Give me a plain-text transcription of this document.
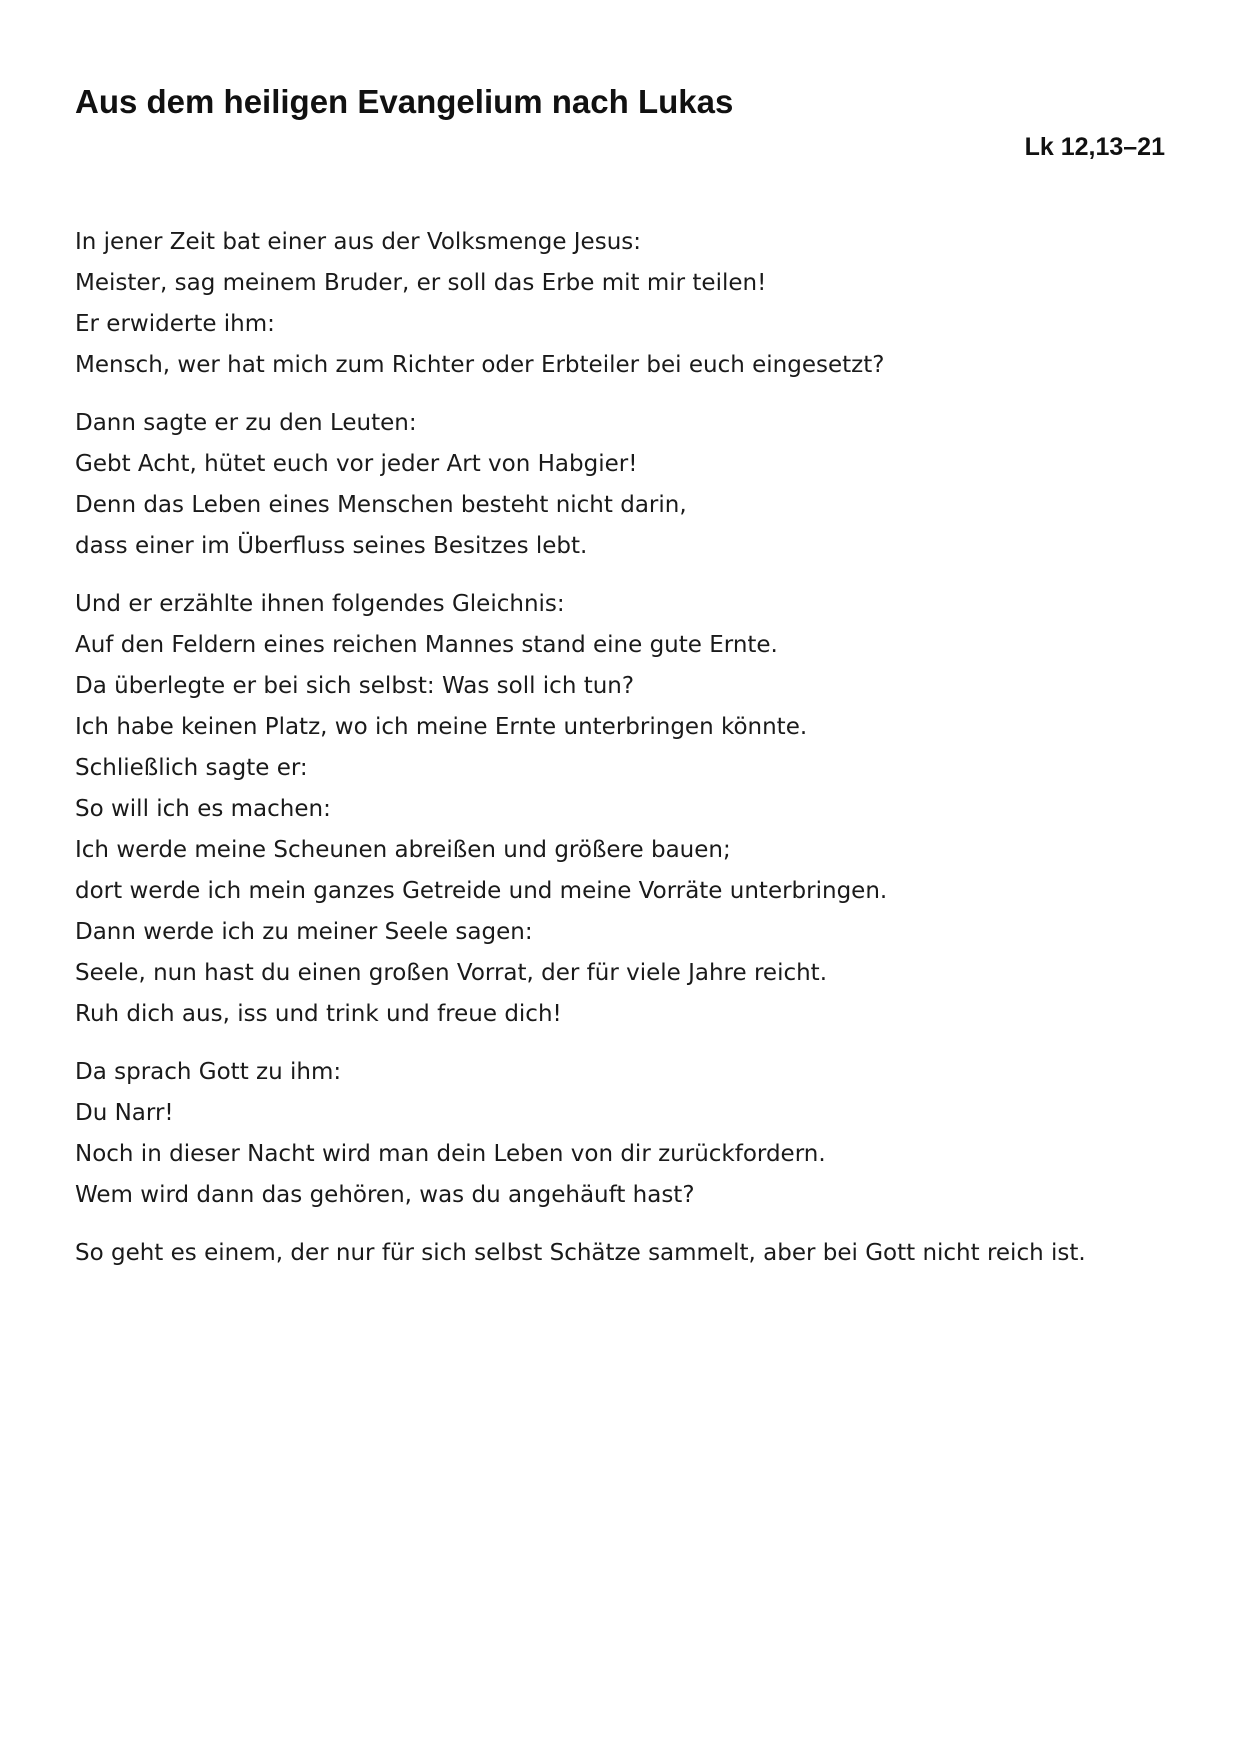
Aus dem heiligen Evangelium nach Lukas
Lk 12,13–21

In jener Zeit bat einer aus der Volksmenge Jesus:
Meister, sag meinem Bruder, er soll das Erbe mit mir teilen!
Er erwiderte ihm:
Mensch, wer hat mich zum Richter oder Erbteiler bei euch eingesetzt?

Dann sagte er zu den Leuten:
Gebt Acht, hütet euch vor jeder Art von Habgier!
Denn das Leben eines Menschen besteht nicht darin,
dass einer im Überfluss seines Besitzes lebt.

Und er erzählte ihnen folgendes Gleichnis:
Auf den Feldern eines reichen Mannes stand eine gute Ernte.
Da überlegte er bei sich selbst: Was soll ich tun?
Ich habe keinen Platz, wo ich meine Ernte unterbringen könnte.
Schließlich sagte er:
So will ich es machen:
Ich werde meine Scheunen abreißen und größere bauen;
dort werde ich mein ganzes Getreide und meine Vorräte unterbringen.
Dann werde ich zu meiner Seele sagen:
Seele, nun hast du einen großen Vorrat, der für viele Jahre reicht.
Ruh dich aus, iss und trink und freue dich!

Da sprach Gott zu ihm:
Du Narr!
Noch in dieser Nacht wird man dein Leben von dir zurückfordern.
Wem wird dann das gehören, was du angehäuft hast?

So geht es einem, der nur für sich selbst Schätze sammelt, aber bei Gott nicht reich ist.
